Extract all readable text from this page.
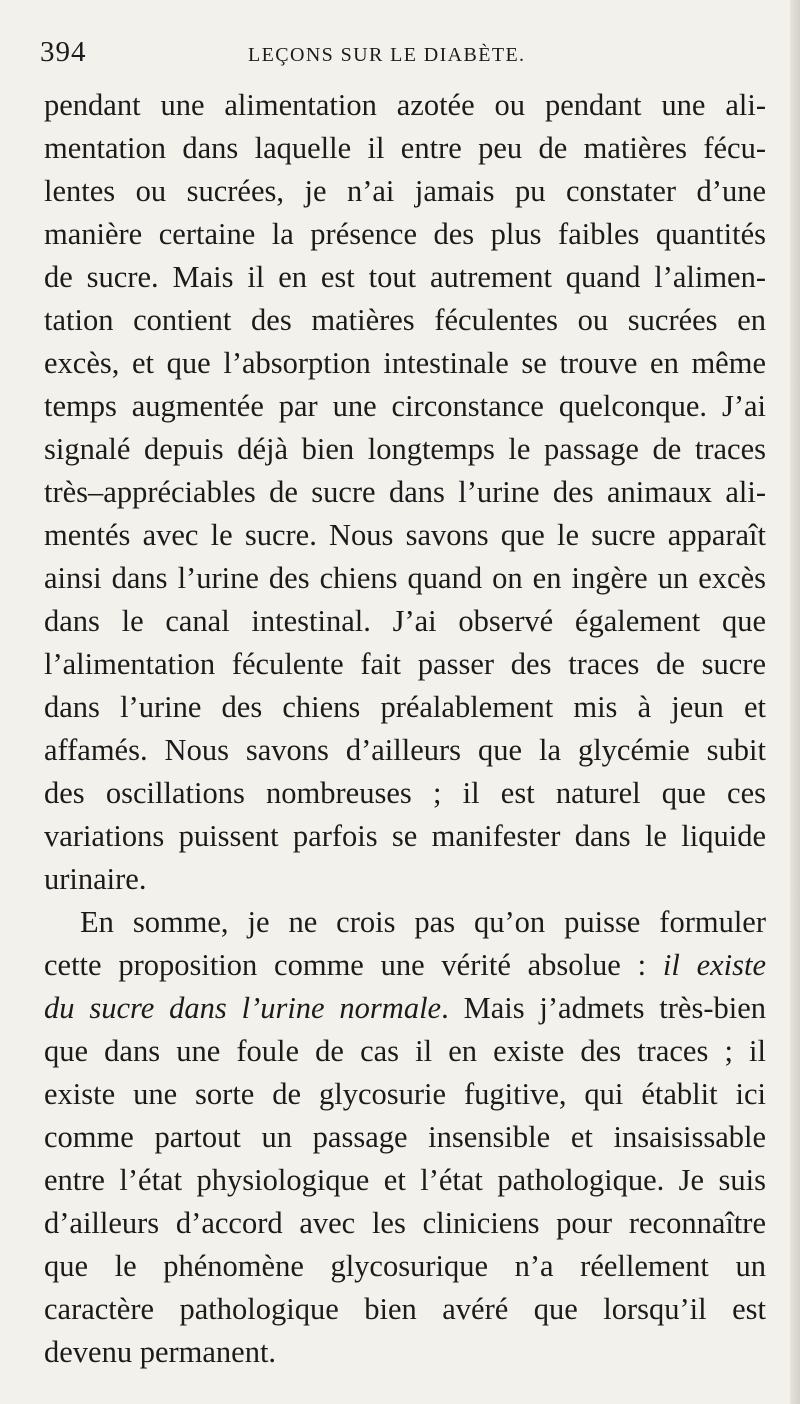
394	LEÇONS SUR LE DIABÈTE.
pendant une alimentation azotée ou pendant une ali-
mentation dans laquelle il entre peu de matières fécu-
lentes ou sucrées, je n’ai jamais pu constater d’une
manière certaine la présence des plus faibles quantités
de sucre. Mais il en est tout autrement quand l’alimen-
tation contient des matières féculentes ou sucrées en
excès, et que l’absorption intestinale se trouve en même
temps augmentée par une circonstance quelconque. J’ai
signalé depuis déjà bien longtemps le passage de traces
très–appréciables de sucre dans l’urine des animaux ali-
mentés avec le sucre. Nous savons que le sucre apparaît
ainsi dans l’urine des chiens quand on en ingère un excès
dans le canal intestinal. J’ai observé également que
l’alimentation féculente fait passer des traces de sucre
dans l’urine des chiens préalablement mis à jeun et
affamés. Nous savons d’ailleurs que la glycémie subit
des oscillations nombreuses ; il est naturel que ces
variations puissent parfois se manifester dans le liquide
urinaire.
En somme, je ne crois pas qu’on puisse formuler
cette proposition comme une vérité absolue : il existe
du sucre dans l’urine normale. Mais j’admets très-bien
que dans une foule de cas il en existe des traces ; il
existe une sorte de glycosurie fugitive, qui établit ici
comme partout un passage insensible et insaisissable
entre l’état physiologique et l’état pathologique. Je suis
d’ailleurs d’accord avec les cliniciens pour reconnaître
que le phénomène glycosurique n’a réellement un
caractère pathologique bien avéré que lorsqu’il est
devenu permanent.
